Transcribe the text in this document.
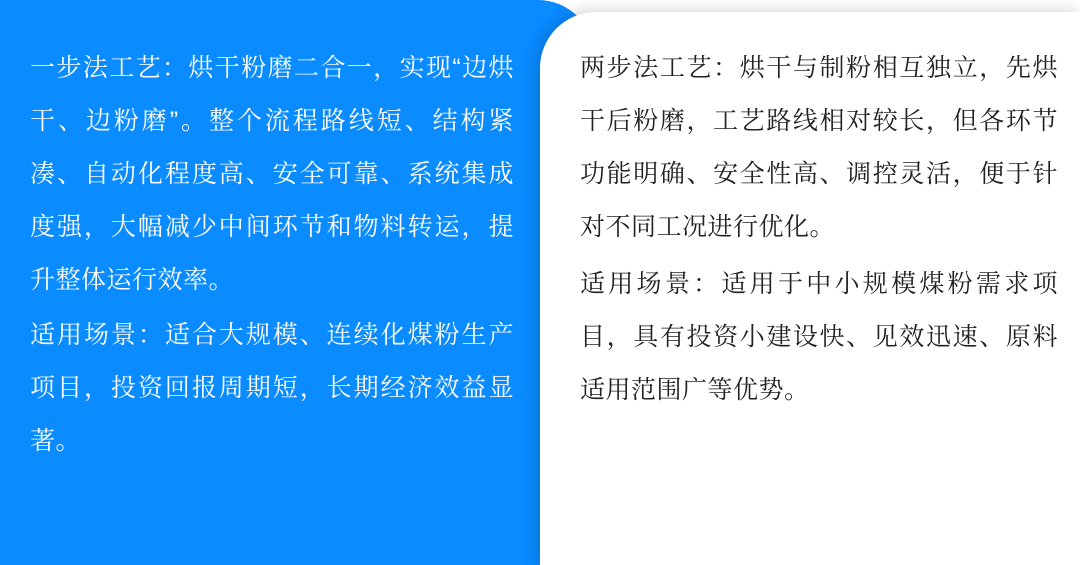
一步法工艺：烘干粉磨二合一，实现“边烘干、边粉磨”。整个流程路线短、结构紧凑、自动化程度高、安全可靠、系统集成度强，大幅减少中间环节和物料转运，提升整体运行效率。

适用场景：适合大规模、连续化煤粉生产项目，投资回报周期短，长期经济效益显著。

两步法工艺：烘干与制粉相互独立，先烘干后粉磨，工艺路线相对较长，但各环节功能明确、安全性高、调控灵活，便于针对不同工况进行优化。

适用场景：适用于中小规模煤粉需求项目，具有投资小建设快、见效迅速、原料适用范围广等优势。
